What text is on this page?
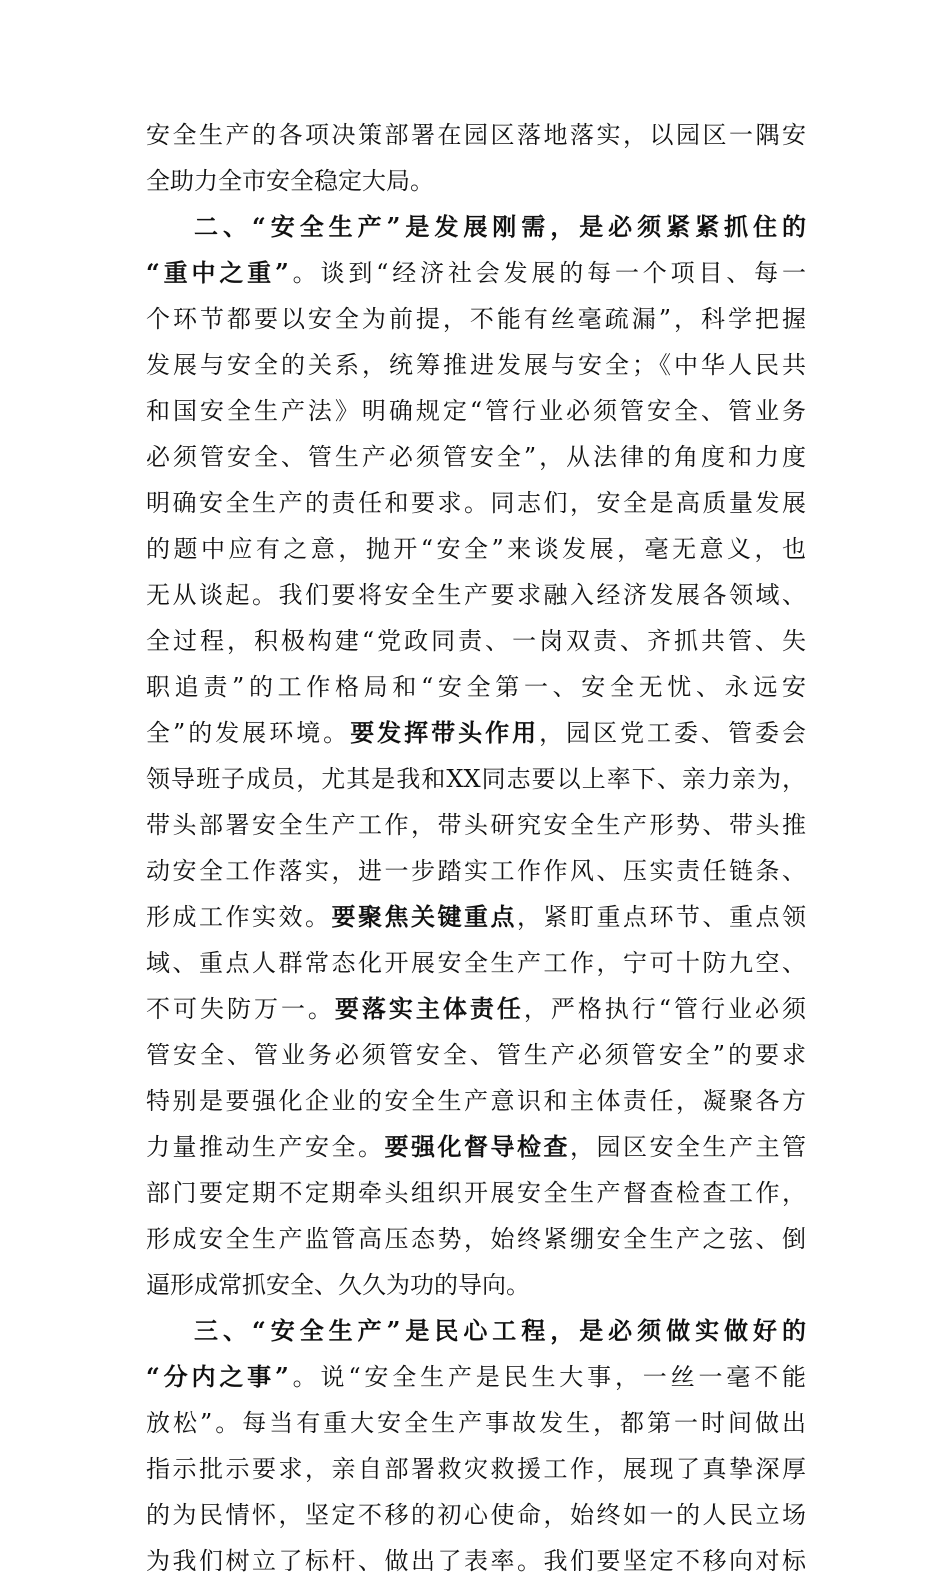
安全生产的各项决策部署在园区落地落实，以园区一隅安
全助力全市安全稳定大局。
二、“安全生产”是发展刚需，是必须紧紧抓住的
“重中之重”。谈到“经济社会发展的每一个项目、每一
个环节都要以安全为前提，不能有丝毫疏漏”，科学把握
发展与安全的关系，统筹推进发展与安全；《中华人民共
和国安全生产法》明确规定“管行业必须管安全、管业务
必须管安全、管生产必须管安全”，从法律的角度和力度
明确安全生产的责任和要求。同志们，安全是高质量发展
的题中应有之意，抛开“安全”来谈发展，毫无意义，也
无从谈起。我们要将安全生产要求融入经济发展各领域、
全过程，积极构建“党政同责、一岗双责、齐抓共管、失
职追责”的工作格局和“安全第一、安全无忧、永远安
全”的发展环境。要发挥带头作用，园区党工委、管委会
领导班子成员，尤其是我和XX同志要以上率下、亲力亲为，
带头部署安全生产工作，带头研究安全生产形势、带头推
动安全工作落实，进一步踏实工作作风、压实责任链条、
形成工作实效。要聚焦关键重点，紧盯重点环节、重点领
域、重点人群常态化开展安全生产工作，宁可十防九空、
不可失防万一。要落实主体责任，严格执行“管行业必须
管安全、管业务必须管安全、管生产必须管安全”的要求
特别是要强化企业的安全生产意识和主体责任，凝聚各方
力量推动生产安全。要强化督导检查，园区安全生产主管
部门要定期不定期牵头组织开展安全生产督查检查工作，
形成安全生产监管高压态势，始终紧绷安全生产之弦、倒
逼形成常抓安全、久久为功的导向。
三、“安全生产”是民心工程，是必须做实做好的
“分内之事”。说“安全生产是民生大事，一丝一毫不能
放松”。每当有重大安全生产事故发生，都第一时间做出
指示批示要求，亲自部署救灾救援工作，展现了真挚深厚
的为民情怀，坚定不移的初心使命，始终如一的人民立场
为我们树立了标杆、做出了表率。我们要坚定不移向对标
